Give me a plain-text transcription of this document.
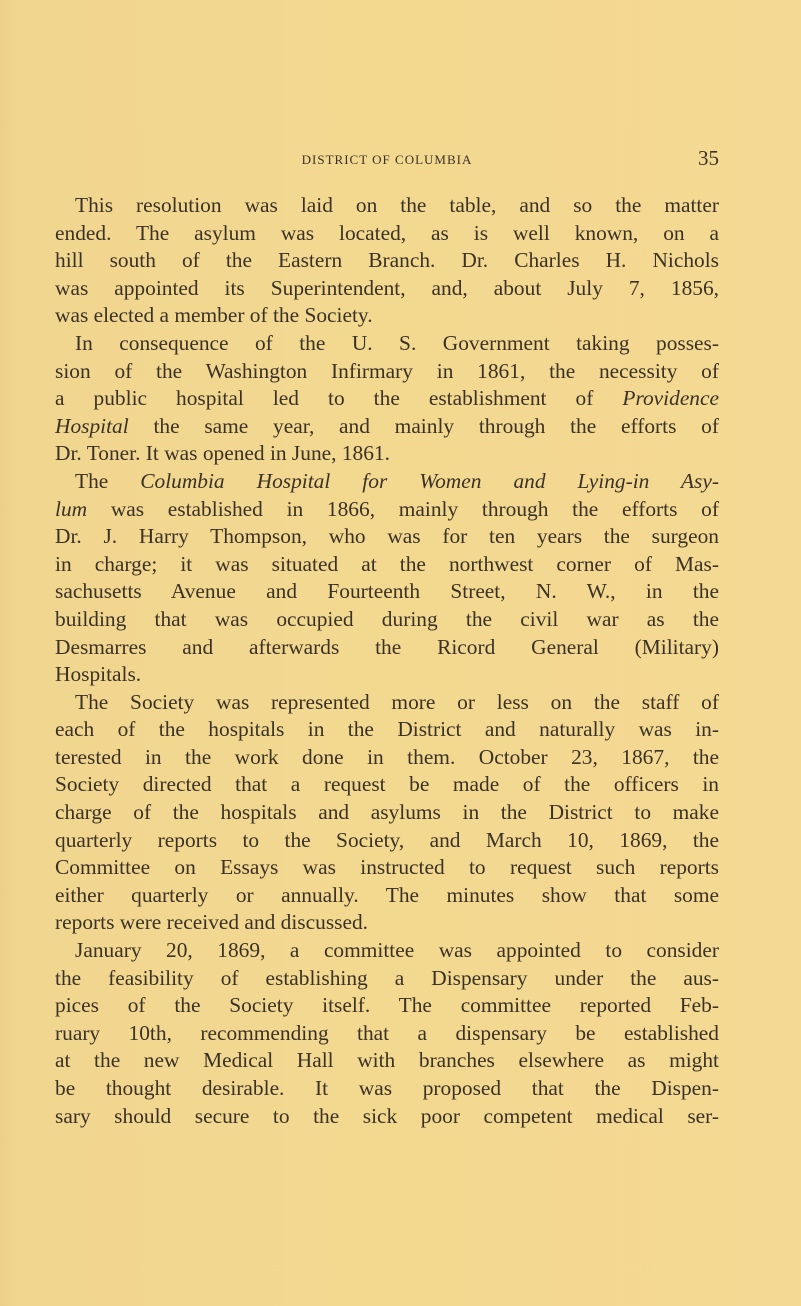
DISTRICT OF COLUMBIA	35
This resolution was laid on the table, and so the matter
ended. The asylum was located, as is well known, on a
hill south of the Eastern Branch. Dr. Charles H. Nichols
was appointed its Superintendent, and, about July 7, 1856,
was elected a member of the Society.
In consequence of the U. S. Government taking posses-
sion of the Washington Infirmary in 1861, the necessity of
a public hospital led to the establishment of Providence
Hospital the same year, and mainly through the efforts of
Dr. Toner. It was opened in June, 1861.
The Columbia Hospital for Women and Lying-in Asy-
lum was established in 1866, mainly through the efforts of
Dr. J. Harry Thompson, who was for ten years the surgeon
in charge; it was situated at the northwest corner of Mas-
sachusetts Avenue and Fourteenth Street, N. W., in the
building that was occupied during the civil war as the
Desmarres and afterwards the Ricord General (Military)
Hospitals.
The Society was represented more or less on the staff of
each of the hospitals in the District and naturally was in-
terested in the work done in them. October 23, 1867, the
Society directed that a request be made of the officers in
charge of the hospitals and asylums in the District to make
quarterly reports to the Society, and March 10, 1869, the
Committee on Essays was instructed to request such reports
either quarterly or annually. The minutes show that some
reports were received and discussed.
January 20, 1869, a committee was appointed to consider
the feasibility of establishing a Dispensary under the aus-
pices of the Society itself. The committee reported Feb-
ruary 10th, recommending that a dispensary be established
at the new Medical Hall with branches elsewhere as might
be thought desirable. It was proposed that the Dispen-
sary should secure to the sick poor competent medical ser-
